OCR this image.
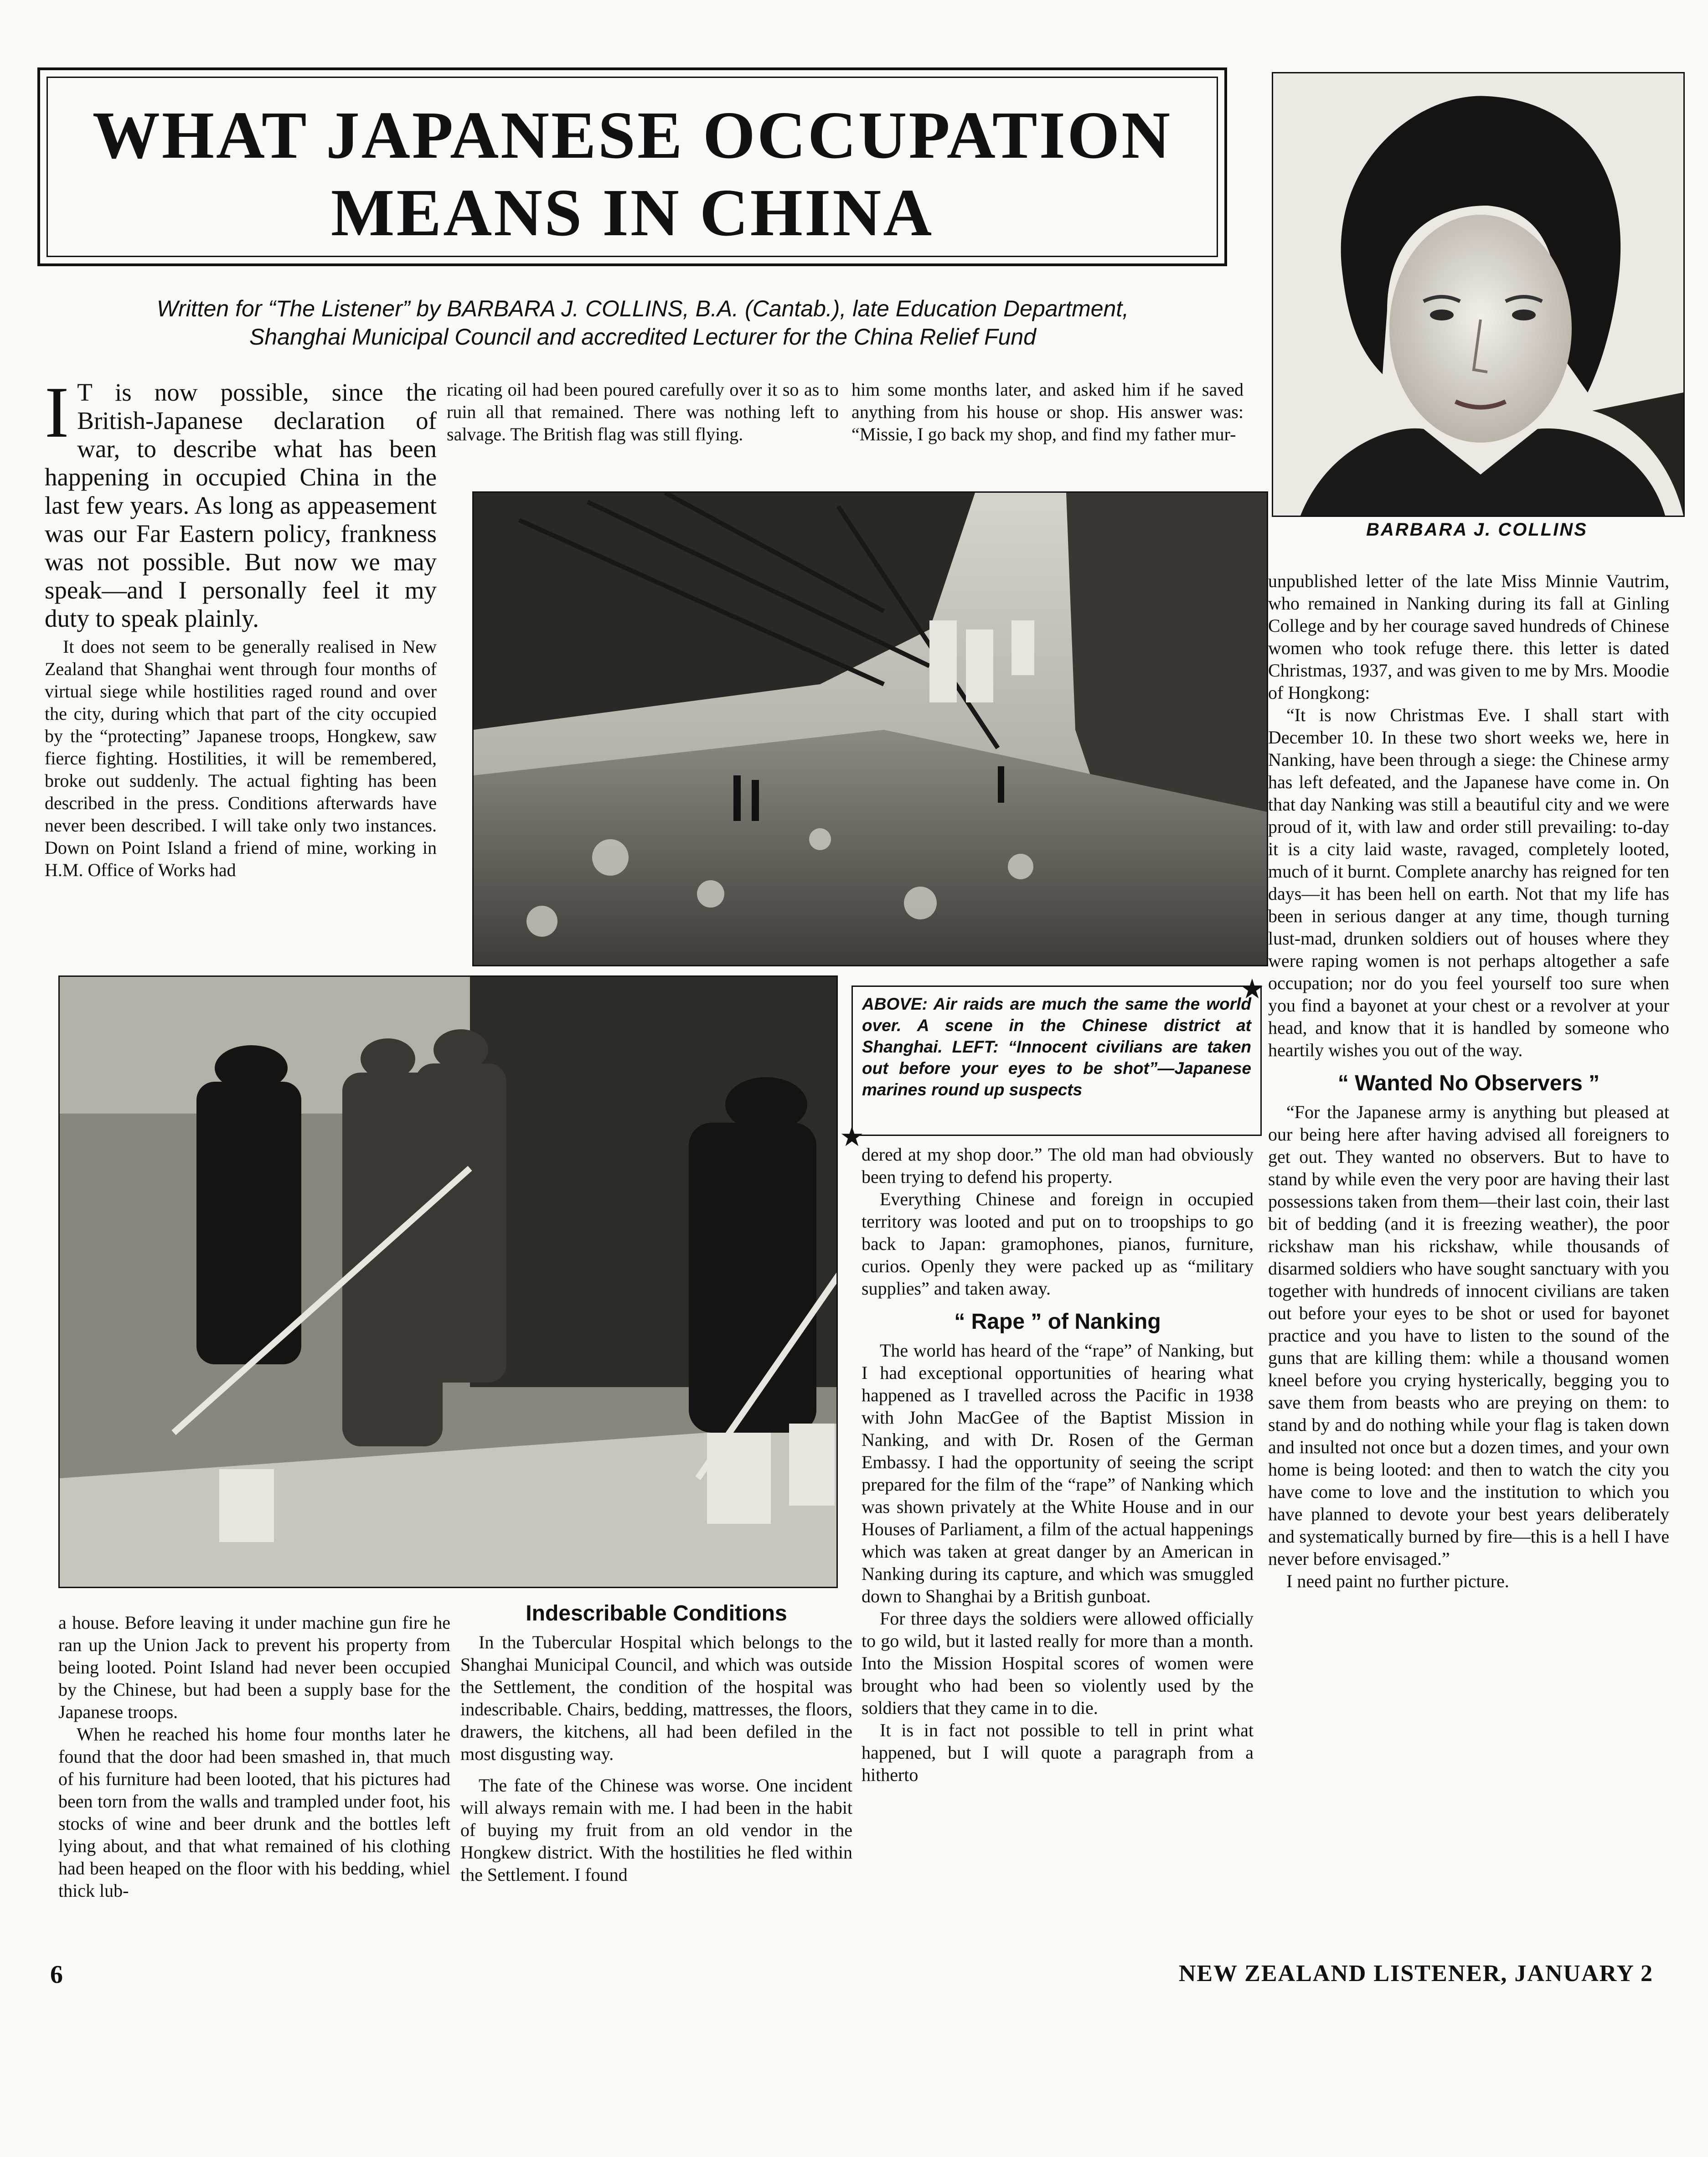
WHAT JAPANESE OCCUPATION
MEANS IN CHINA
Written for “The Listener” by BARBARA J. COLLINS, B.A. (Cantab.), late Education Department,
Shanghai Municipal Council and accredited Lecturer for the China Relief Fund
BARBARA J. COLLINS

I T is now possible, since the British-Japanese declaration of war, to describe what has been happening in occupied China in the last few years. As long as appeasement was our Far Eastern policy, frankness was not possible. But now we may speak—and I personally feel it my duty to speak plainly.

It does not seem to be generally realised in New Zealand that Shanghai went through four months of virtual siege while hostilities raged round and over the city, during which that part of the city occupied by the “protecting” Japanese troops, Hongkew, saw fierce fighting. Hostilities, it will be remembered, broke out suddenly. The actual fighting has been described in the press. Conditions afterwards have never been described. I will take only two instances. Down on Point Island a friend of mine, working in H.M. Office of Works had

ricating oil had been poured carefully over it so as to ruin all that remained. There was nothing left to salvage. The British flag was still flying.

him some months later, and asked him if he saved anything from his house or shop. His answer was: “Missie, I go back my shop, and find my father mur-

ABOVE: Air raids are much the same the world over. A scene in the Chinese district at Shanghai. LEFT: “Innocent civilians are taken out before your eyes to be shot”—Japanese marines round up suspects
★
★

a house. Before leaving it under machine gun fire he ran up the Union Jack to prevent his property from being looted. Point Island had never been occupied by the Chinese, but had been a supply base for the Japanese troops.

When he reached his home four months later he found that the door had been smashed in, that much of his furniture had been looted, that his pictures had been torn from the walls and trampled under foot, his stocks of wine and beer drunk and the bottles left lying about, and that what remained of his clothing had been heaped on the floor with his bedding, whiel thick lub-

Indescribable Conditions

In the Tubercular Hospital which belongs to the Shanghai Municipal Council, and which was outside the Settlement, the condition of the hospital was indescribable. Chairs, bedding, mattresses, the floors, drawers, the kitchens, all had been defiled in the most disgusting way.

The fate of the Chinese was worse. One incident will always remain with me. I had been in the habit of buying my fruit from an old vendor in the Hongkew district. With the hostilities he fled within the Settlement. I found

dered at my shop door.” The old man had obviously been trying to defend his property.

Everything Chinese and foreign in occupied territory was looted and put on to troopships to go back to Japan: gramophones, pianos, furniture, curios. Openly they were packed up as “military supplies” and taken away.

“ Rape ” of Nanking

The world has heard of the “rape” of Nanking, but I had exceptional opportunities of hearing what happened as I travelled across the Pacific in 1938 with John MacGee of the Baptist Mission in Nanking, and with Dr. Rosen of the German Embassy. I had the opportunity of seeing the script prepared for the film of the “rape” of Nanking which was shown privately at the White House and in our Houses of Parliament, a film of the actual happenings which was taken at great danger by an American in Nanking during its capture, and which was smuggled down to Shanghai by a British gunboat.

For three days the soldiers were allowed officially to go wild, but it lasted really for more than a month. Into the Mission Hospital scores of women were brought who had been so violently used by the soldiers that they came in to die.

It is in fact not possible to tell in print what happened, but I will quote a paragraph from a hitherto

unpublished letter of the late Miss Minnie Vautrim, who remained in Nanking during its fall at Ginling College and by her courage saved hundreds of Chinese women who took refuge there. this letter is dated Christmas, 1937, and was given to me by Mrs. Moodie of Hongkong:

“It is now Christmas Eve. I shall start with December 10. In these two short weeks we, here in Nanking, have been through a siege: the Chinese army has left defeated, and the Japanese have come in. On that day Nanking was still a beautiful city and we were proud of it, with law and order still prevailing: to-day it is a city laid waste, ravaged, completely looted, much of it burnt. Complete anarchy has reigned for ten days—it has been hell on earth. Not that my life has been in serious danger at any time, though turning lust-mad, drunken soldiers out of houses where they were raping women is not perhaps altogether a safe occupation; nor do you feel yourself too sure when you find a bayonet at your chest or a revolver at your head, and know that it is handled by someone who heartily wishes you out of the way.

“ Wanted No Observers ”

“For the Japanese army is anything but pleased at our being here after having advised all foreigners to get out. They wanted no observers. But to have to stand by while even the very poor are having their last possessions taken from them—their last coin, their last bit of bedding (and it is freezing weather), the poor rickshaw man his rickshaw, while thousands of disarmed soldiers who have sought sanctuary with you together with hundreds of innocent civilians are taken out before your eyes to be shot or used for bayonet practice and you have to listen to the sound of the guns that are killing them: while a thousand women kneel before you crying hysterically, begging you to save them from beasts who are preying on them: to stand by and do nothing while your flag is taken down and insulted not once but a dozen times, and your own home is being looted: and then to watch the city you have come to love and the institution to which you have planned to devote your best years deliberately and systematically burned by fire—this is a hell I have never before envisaged.”

I need paint no further picture.

6	NEW ZEALAND LISTENER, JANUARY 2
